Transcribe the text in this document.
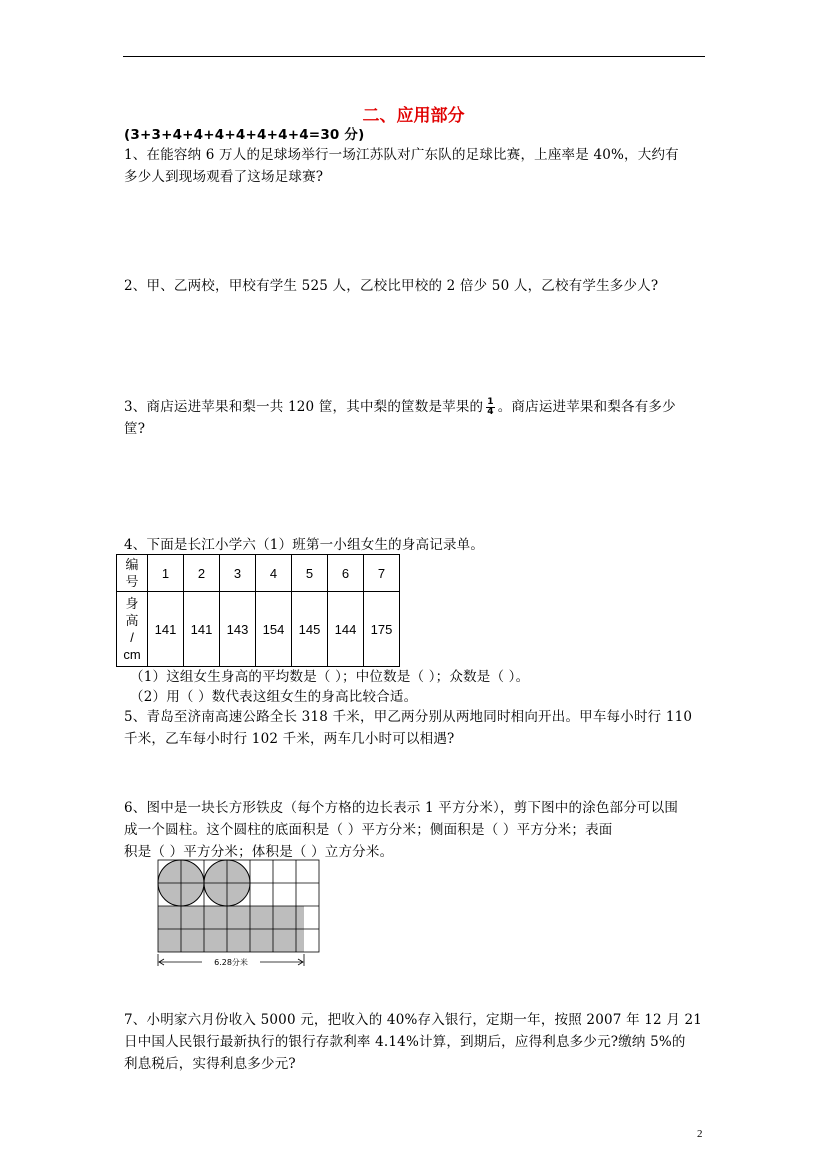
二、应用部分
(3+3+4+4+4+4+4+4+4=30 分)
1、在能容纳 6 万人的足球场举行一场江苏队对广东队的足球比赛，上座率是 40%，大约有
多少人到现场观看了这场足球赛?
2、甲、乙两校，甲校有学生 525 人，乙校比甲校的 2 倍少 50 人，乙校有学生多少人?
3、商店运进苹果和梨一共 120 筐，其中梨的筐数是苹果的 $\frac{1}{4}$ 。商店运进苹果和梨各有多少
筐?
4、下面是长江小学六（1）班第一小组女生的身高记录单。
编
号	1	2	3	4	5	6	7

身
高
/
cm	141	141	143	154	145	144	175
（1）这组女生身高的平均数是（ ）；中位数是（ ）；众数是（ ）。
（2）用（ ）数代表这组女生的身高比较合适。
5、青岛至济南高速公路全长 318 千米，甲乙两分别从两地同时相向开出。甲车每小时行 110
千米，乙车每小时行 102 千米，两车几小时可以相遇?
6、图中是一块长方形铁皮（每个方格的边长表示 1 平方分米），剪下图中的涂色部分可以围
成一个圆柱。这个圆柱的底面积是（ ）平方分米；侧面积是（ ）平方分米；表面
积是（ ）平方分米；体积是（ ）立方分米。
6.28分米
7、小明家六月份收入 5000 元，把收入的 40%存入银行，定期一年，按照 2007 年 12 月 21
日中国人民银行最新执行的银行存款利率 4.14%计算，到期后，应得利息多少元?缴纳 5%的
利息税后，实得利息多少元?
2
